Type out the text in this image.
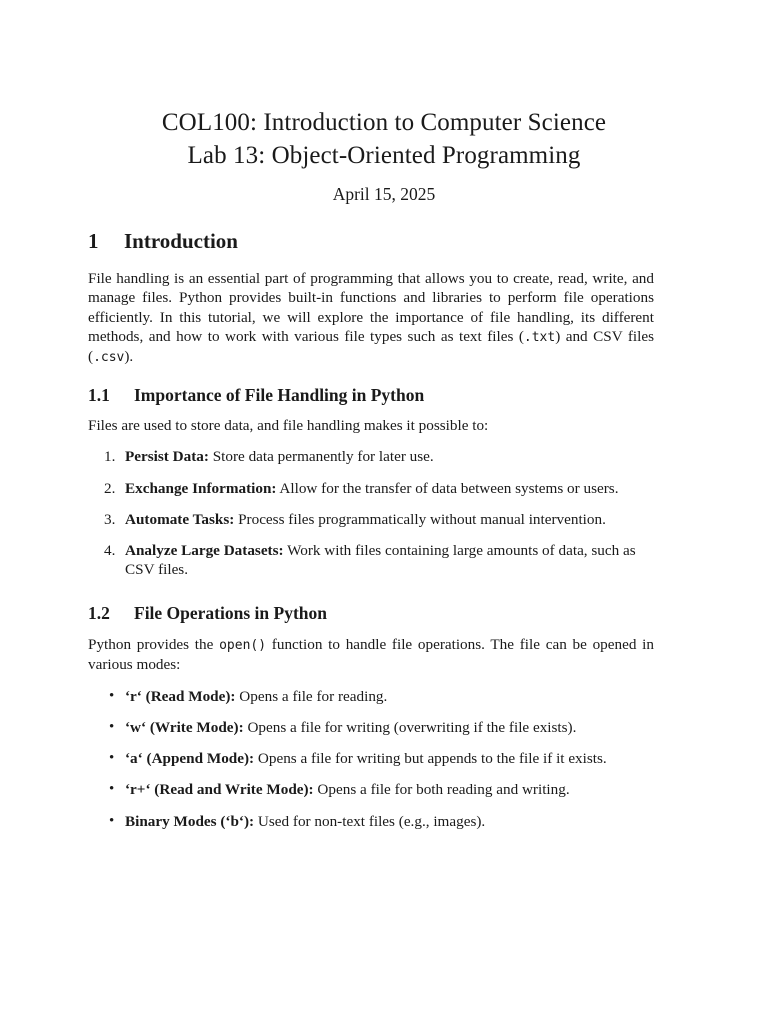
COL100: Introduction to Computer Science
Lab 13: Object-Oriented Programming
April 15, 2025
1 Introduction

File handling is an essential part of programming that allows you to create, read, write, and manage files. Python provides built-in functions and libraries to perform file operations efficiently. In this tutorial, we will explore the importance of file handling, its different methods, and how to work with various file types such as text files (.txt) and CSV files (.csv).

1.1 Importance of File Handling in Python

Files are used to store data, and file handling makes it possible to:

1. Persist Data: Store data permanently for later use.
2. Exchange Information: Allow for the transfer of data between systems or users.
3. Automate Tasks: Process files programmatically without manual intervention.
4. Analyze Large Datasets: Work with files containing large amounts of data, such as CSV files.
1.2 File Operations in Python

Python provides the open() function to handle file operations. The file can be opened in various modes:

• ‘r‘ (Read Mode): Opens a file for reading.
• ‘w‘ (Write Mode): Opens a file for writing (overwriting if the file exists).
• ‘a‘ (Append Mode): Opens a file for writing but appends to the file if it exists.
• ‘r+‘ (Read and Write Mode): Opens a file for both reading and writing.
• Binary Modes (‘b‘): Used for non-text files (e.g., images).
